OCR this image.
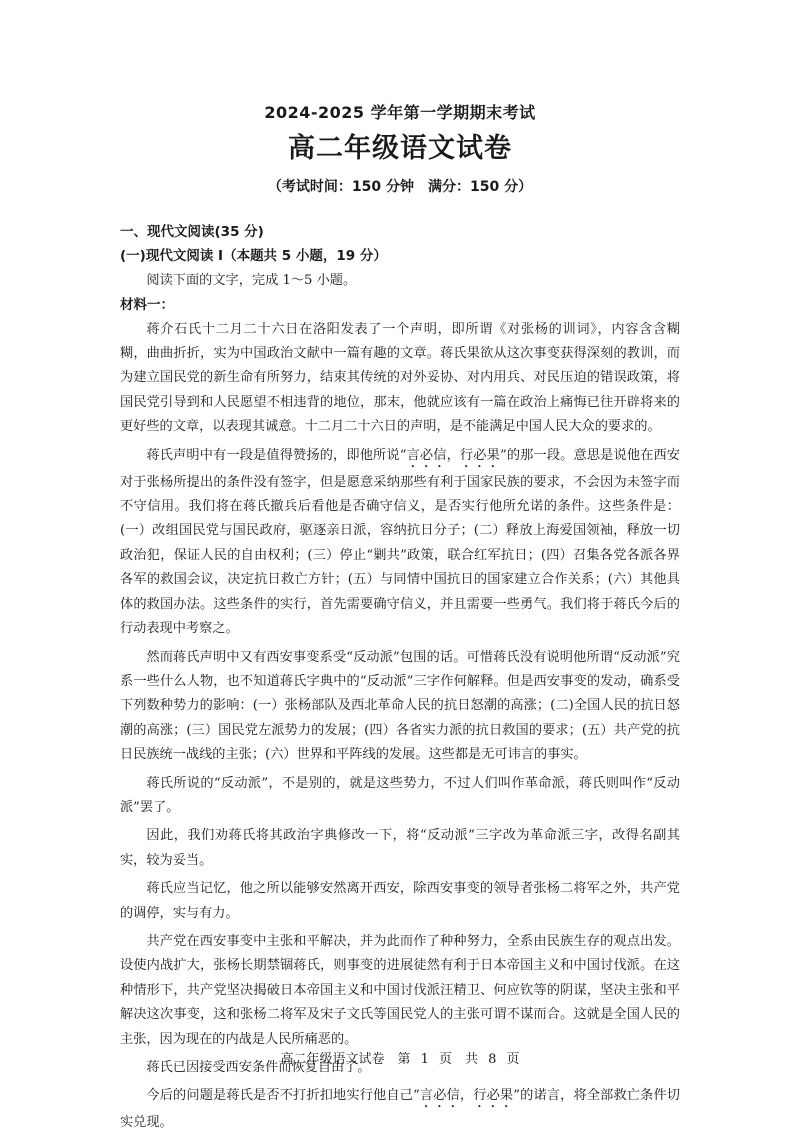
2024-2025 学年第一学期期末考试
高二年级语文试卷
（考试时间：150 分钟　满分：150 分）

一、现代文阅读(35 分)

(一)现代文阅读 I（本题共 5 小题，19 分）

阅读下面的文字，完成 1～5 小题。

材料一：

蒋介石氏十二月二十六日在洛阳发表了一个声明，即所谓《对张杨的训词》，内容含含糊糊，曲曲折折，实为中国政治文献中一篇有趣的文章。蒋氏果欲从这次事变获得深刻的教训，而为建立国民党的新生命有所努力，结束其传统的对外妥协、对内用兵、对民压迫的错误政策，将国民党引导到和人民愿望不相违背的地位，那末，他就应该有一篇在政治上痛悔已往开辟将来的更好些的文章，以表现其诚意。十二月二十六日的声明，是不能满足中国人民大众的要求的。

蒋氏声明中有一段是值得赞扬的，即他所说“言必信，行必果”的那一段。意思是说他在西安对于张杨所提出的条件没有签字，但是愿意采纳那些有利于国家民族的要求，不会因为未签字而不守信用。我们将在蒋氏撤兵后看他是否确守信义，是否实行他所允诺的条件。这些条件是：(一）改组国民党与国民政府，驱逐亲日派，容纳抗日分子；(二）释放上海爱国领袖，释放一切政治犯，保证人民的自由权利；(三）停止“剿共”政策，联合红军抗日；(四）召集各党各派各界各军的救国会议，决定抗日救亡方针；(五）与同情中国抗日的国家建立合作关系；(六）其他具体的救国办法。这些条件的实行，首先需要确守信义，并且需要一些勇气。我们将于蒋氏今后的行动表现中考察之。

然而蒋氏声明中又有西安事变系受“反动派”包围的话。可惜蒋氏没有说明他所谓“反动派”究系一些什么人物，也不知道蒋氏字典中的“反动派”三字作何解释。但是西安事变的发动，确系受下列数种势力的影响：(一）张杨部队及西北革命人民的抗日怒潮的高涨；(二)全国人民的抗日怒潮的高涨；(三）国民党左派势力的发展；(四）各省实力派的抗日救国的要求；(五）共产党的抗日民族统一战线的主张；(六）世界和平阵线的发展。这些都是无可讳言的事实。

蒋氏所说的“反动派”，不是别的，就是这些势力，不过人们叫作革命派，蒋氏则叫作“反动派”罢了。

因此，我们劝蒋氏将其政治字典修改一下，将“反动派”三字改为革命派三字，改得名副其实，较为妥当。

蒋氏应当记忆，他之所以能够安然离开西安，除西安事变的领导者张杨二将军之外，共产党的调停，实与有力。

共产党在西安事变中主张和平解决，并为此而作了种种努力，全系由民族生存的观点出发。设使内战扩大，张杨长期禁锢蒋氏，则事变的进展徒然有利于日本帝国主义和中国讨伐派。在这种情形下，共产党坚决揭破日本帝国主义和中国讨伐派汪精卫、何应钦等的阴谋，坚决主张和平解决这次事变，这和张杨二将军及宋子文氏等国民党人的主张可谓不谋而合。这就是全国人民的主张，因为现在的内战是人民所痛恶的。

蒋氏已因接受西安条件而恢复自由了。

今后的问题是蒋氏是否不打折扣地实行他自己“言必信，行必果”的诺言，将全部救亡条件切实兑现。

高二年级语文试卷　第 1 页　共 8 页
